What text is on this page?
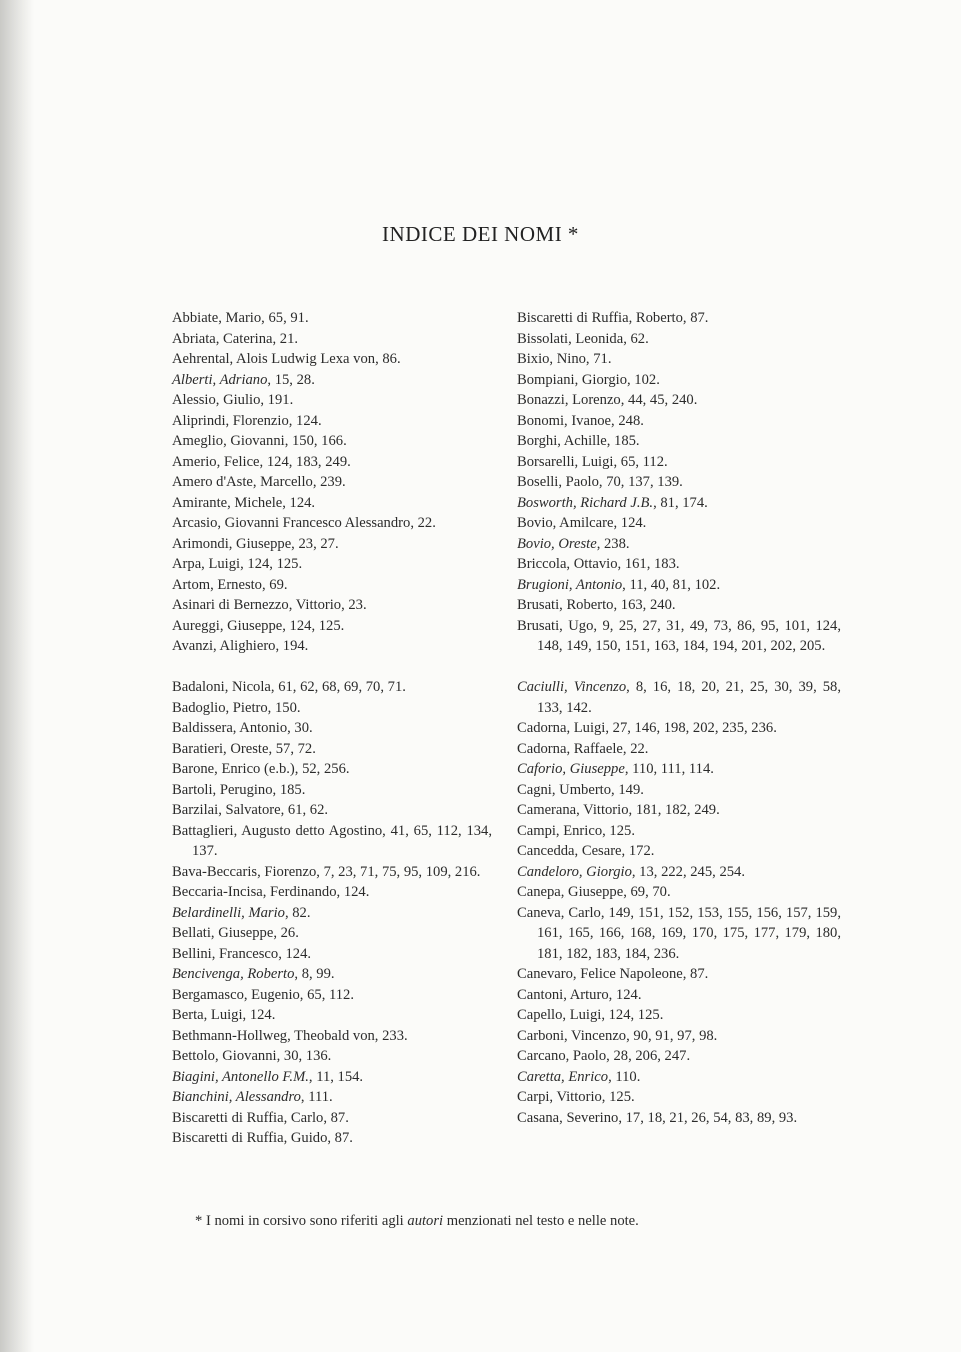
INDICE DEI NOMI *
Abbiate, Mario, 65, 91.
Abriata, Caterina, 21.
Aehrental, Alois Ludwig Lexa von, 86.
Alberti, Adriano, 15, 28.
Alessio, Giulio, 191.
Aliprindi, Florenzio, 124.
Ameglio, Giovanni, 150, 166.
Amerio, Felice, 124, 183, 249.
Amero d'Aste, Marcello, 239.
Amirante, Michele, 124.
Arcasio, Giovanni Francesco Alessandro, 22.
Arimondi, Giuseppe, 23, 27.
Arpa, Luigi, 124, 125.
Artom, Ernesto, 69.
Asinari di Bernezzo, Vittorio, 23.
Aureggi, Giuseppe, 124, 125.
Avanzi, Alighiero, 194.
Badaloni, Nicola, 61, 62, 68, 69, 70, 71.
Badoglio, Pietro, 150.
Baldissera, Antonio, 30.
Baratieri, Oreste, 57, 72.
Barone, Enrico (e.b.), 52, 256.
Bartoli, Perugino, 185.
Barzilai, Salvatore, 61, 62.
Battaglieri, Augusto detto Agostino, 41, 65, 112, 134, 137.
Bava-Beccaris, Fiorenzo, 7, 23, 71, 75, 95, 109, 216.
Beccaria-Incisa, Ferdinando, 124.
Belardinelli, Mario, 82.
Bellati, Giuseppe, 26.
Bellini, Francesco, 124.
Bencivenga, Roberto, 8, 99.
Bergamasco, Eugenio, 65, 112.
Berta, Luigi, 124.
Bethmann-Hollweg, Theobald von, 233.
Bettolo, Giovanni, 30, 136.
Biagini, Antonello F.M., 11, 154.
Bianchini, Alessandro, 111.
Biscaretti di Ruffia, Carlo, 87.
Biscaretti di Ruffia, Guido, 87.
Biscaretti di Ruffia, Roberto, 87.
Bissolati, Leonida, 62.
Bixio, Nino, 71.
Bompiani, Giorgio, 102.
Bonazzi, Lorenzo, 44, 45, 240.
Bonomi, Ivanoe, 248.
Borghi, Achille, 185.
Borsarelli, Luigi, 65, 112.
Boselli, Paolo, 70, 137, 139.
Bosworth, Richard J.B., 81, 174.
Bovio, Amilcare, 124.
Bovio, Oreste, 238.
Briccola, Ottavio, 161, 183.
Brugioni, Antonio, 11, 40, 81, 102.
Brusati, Roberto, 163, 240.
Brusati, Ugo, 9, 25, 27, 31, 49, 73, 86, 95, 101, 124, 148, 149, 150, 151, 163, 184, 194, 201, 202, 205.
Caciulli, Vincenzo, 8, 16, 18, 20, 21, 25, 30, 39, 58, 133, 142.
Cadorna, Luigi, 27, 146, 198, 202, 235, 236.
Cadorna, Raffaele, 22.
Caforio, Giuseppe, 110, 111, 114.
Cagni, Umberto, 149.
Camerana, Vittorio, 181, 182, 249.
Campi, Enrico, 125.
Cancedda, Cesare, 172.
Candeloro, Giorgio, 13, 222, 245, 254.
Canepa, Giuseppe, 69, 70.
Caneva, Carlo, 149, 151, 152, 153, 155, 156, 157, 159, 161, 165, 166, 168, 169, 170, 175, 177, 179, 180, 181, 182, 183, 184, 236.
Canevaro, Felice Napoleone, 87.
Cantoni, Arturo, 124.
Capello, Luigi, 124, 125.
Carboni, Vincenzo, 90, 91, 97, 98.
Carcano, Paolo, 28, 206, 247.
Caretta, Enrico, 110.
Carpi, Vittorio, 125.
Casana, Severino, 17, 18, 21, 26, 54, 83, 89, 93.
* I nomi in corsivo sono riferiti agli autori menzionati nel testo e nelle note.
